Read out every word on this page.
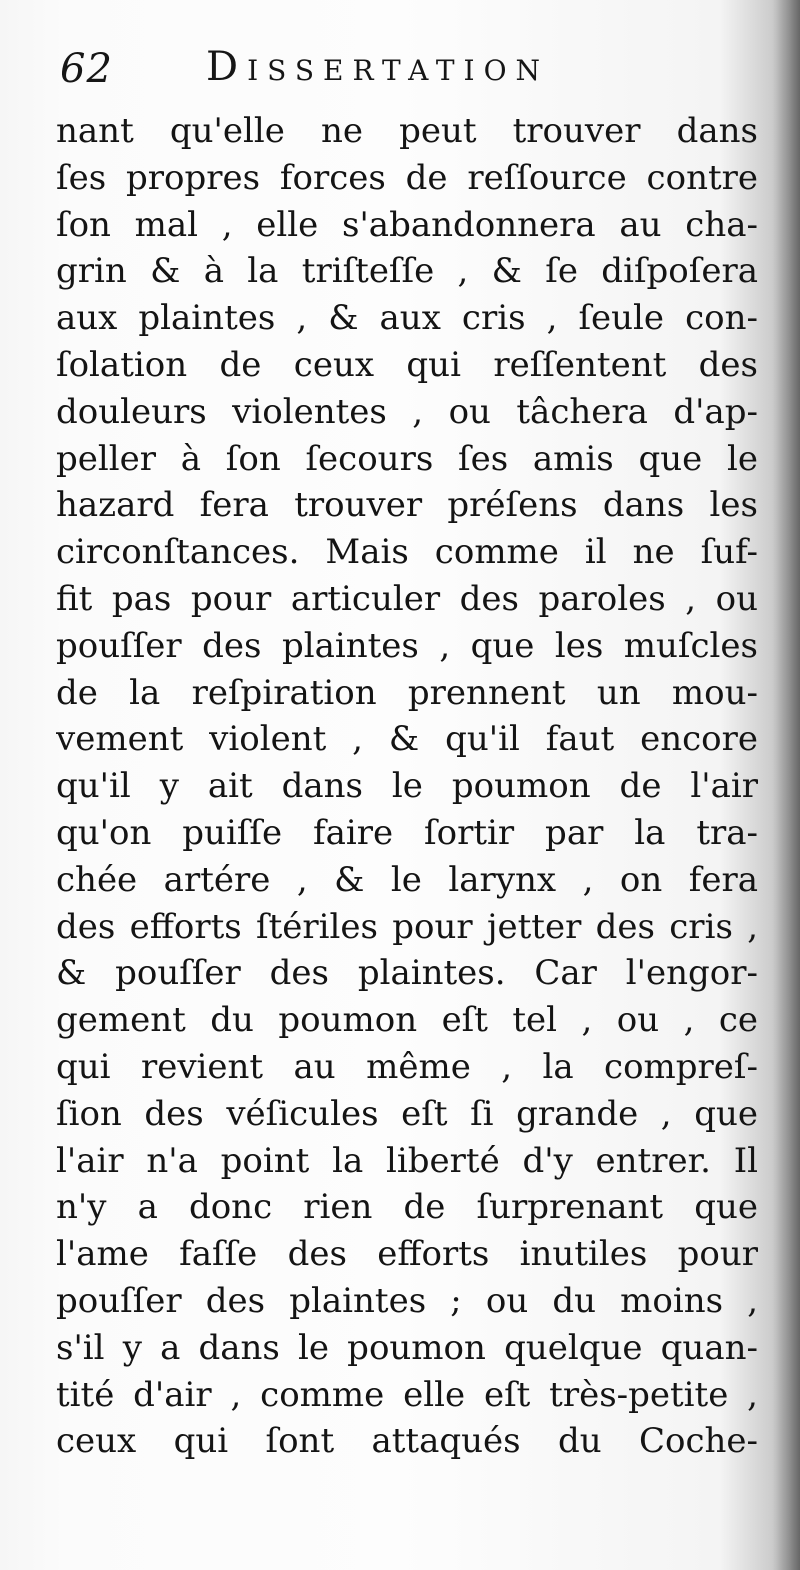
62 Dissertation
nant qu'elle ne peut trouver dans
ſes propres forces de reſſource contre
ſon mal , elle s'abandonnera au cha-
grin & à la triſteſſe , & ſe diſpoſera
aux plaintes , & aux cris , ſeule con-
ſolation de ceux qui reſſentent des
douleurs violentes , ou tâchera d'ap-
peller à ſon ſecours ſes amis que le
hazard fera trouver préſens dans les
circonſtances. Mais comme il ne ſuf-
fit pas pour articuler des paroles , ou
pouſſer des plaintes , que les muſcles
de la reſpiration prennent un mou-
vement violent , & qu'il faut encore
qu'il y ait dans le poumon de l'air
qu'on puiſſe faire ſortir par la tra-
chée artére , & le larynx , on fera
des efforts ſtériles pour jetter des cris ,
& pouſſer des plaintes. Car l'engor-
gement du poumon eſt tel , ou , ce
qui revient au même , la compreſ-
ſion des véſicules eſt ſi grande , que
l'air n'a point la liberté d'y entrer. Il
n'y a donc rien de ſurprenant que
l'ame faſſe des efforts inutiles pour
pouſſer des plaintes ; ou du moins ,
s'il y a dans le poumon quelque quan-
tité d'air , comme elle eſt très-petite ,
ceux qui ſont attaqués du Coche-
